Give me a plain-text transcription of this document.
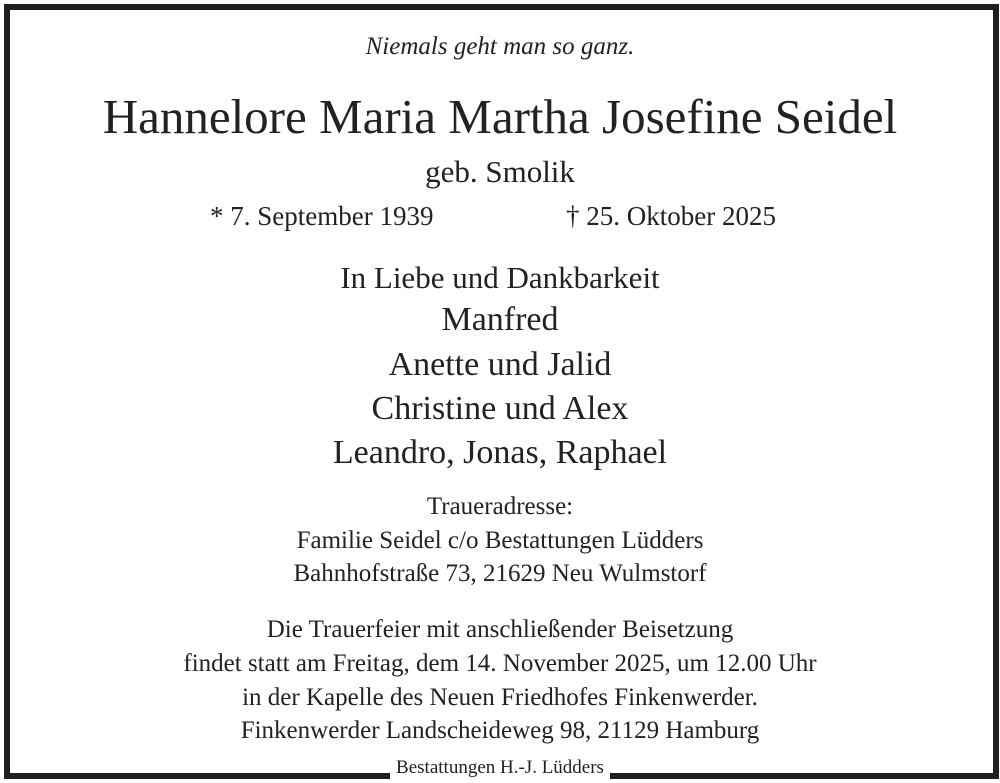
Niemals geht man so ganz.
Hannelore Maria Martha Josefine Seidel
geb. Smolik
* 7. September 1939	† 25. Oktober 2025
In Liebe und Dankbarkeit
Manfred
Anette und Jalid
Christine und Alex
Leandro, Jonas, Raphael
Traueradresse:
Familie Seidel c/o Bestattungen Lüdders
Bahnhofstraße 73, 21629 Neu Wulmstorf
Die Trauerfeier mit anschließender Beisetzung
findet statt am Freitag, dem 14. November 2025, um 12.00 Uhr
in der Kapelle des Neuen Friedhofes Finkenwerder.
Finkenwerder Landscheideweg 98, 21129 Hamburg
Bestattungen H.-J. Lüdders
